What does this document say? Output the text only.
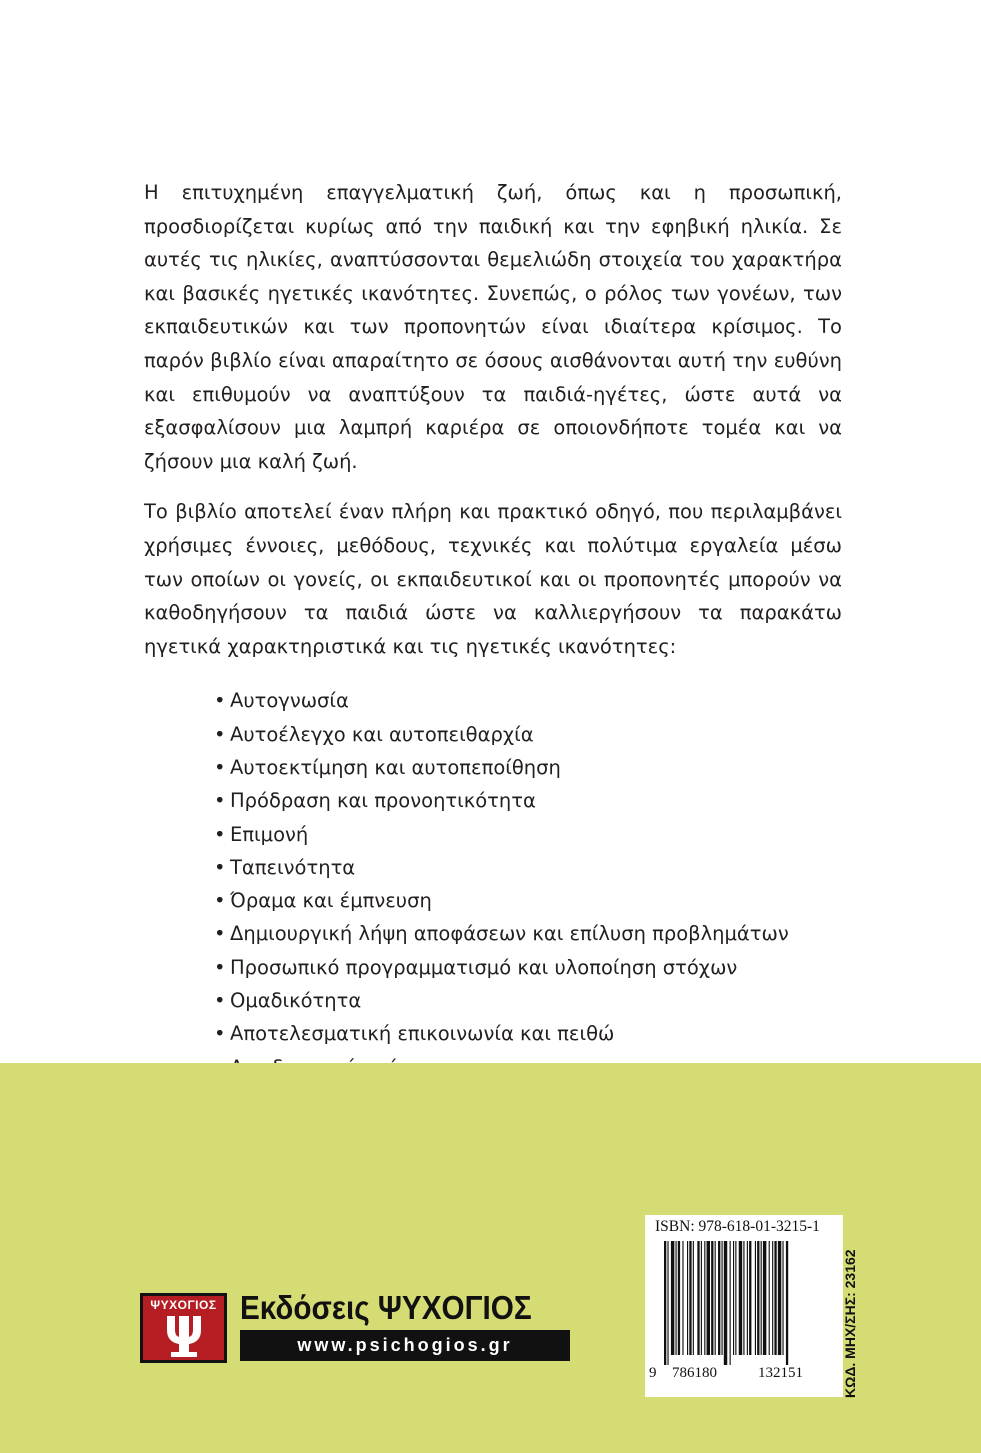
Η επιτυχημένη επαγγελματική ζωή, όπως και η προσωπική, προσδιορίζεται κυρίως από την παιδική και την εφηβική ηλικία. Σε αυτές τις ηλικίες, αναπτύσσονται θεμελιώδη στοιχεία του χαρακτήρα και βασικές ηγετικές ικανότητες. Συνεπώς, ο ρόλος των γονέων, των εκπαιδευτικών και των προπονητών είναι ιδιαίτερα κρίσιμος. Το παρόν βιβλίο είναι απαραίτητο σε όσους αισθάνονται αυτή την ευθύνη και επιθυμούν να αναπτύξουν τα παιδιά-ηγέτες, ώστε αυτά να εξασφαλίσουν μια λαμπρή καριέρα σε οποιονδήποτε τομέα και να ζήσουν μια καλή ζωή.

Το βιβλίο αποτελεί έναν πλήρη και πρακτικό οδηγό, που περιλαμβάνει χρήσιμες έννοιες, μεθόδους, τεχνικές και πολύτιμα εργαλεία μέσω των οποίων οι γονείς, οι εκπαιδευτικοί και οι προπονητές μπορούν να καθοδηγήσουν τα παιδιά ώστε να καλλιεργήσουν τα παρακάτω ηγετικά χαρακτηριστικά και τις ηγετικές ικανότητες:

• Αυτογνωσία
• Αυτοέλεγχο και αυτοπειθαρχία
• Αυτοεκτίμηση και αυτοπεποίθηση
• Πρόδραση και προνοητικότητα
• Επιμονή
• Ταπεινότητα
• Όραμα και έμπνευση
• Δημιουργική λήψη αποφάσεων και επίλυση προβλημάτων
• Προσωπικό προγραμματισμό και υλοποίηση στόχων
• Ομαδικότητα
• Αποτελεσματική επικοινωνία και πειθώ
ΨΥΧΟΓΙΟΣ Εκδόσεις ΨΥΧΟΓΙΟΣ
www.psichogios.gr
ISBN: 978-618-01-3215-1
9 786180	132151	ΚΩΔ. ΜΗΧ/ΣΗΣ: 23162
